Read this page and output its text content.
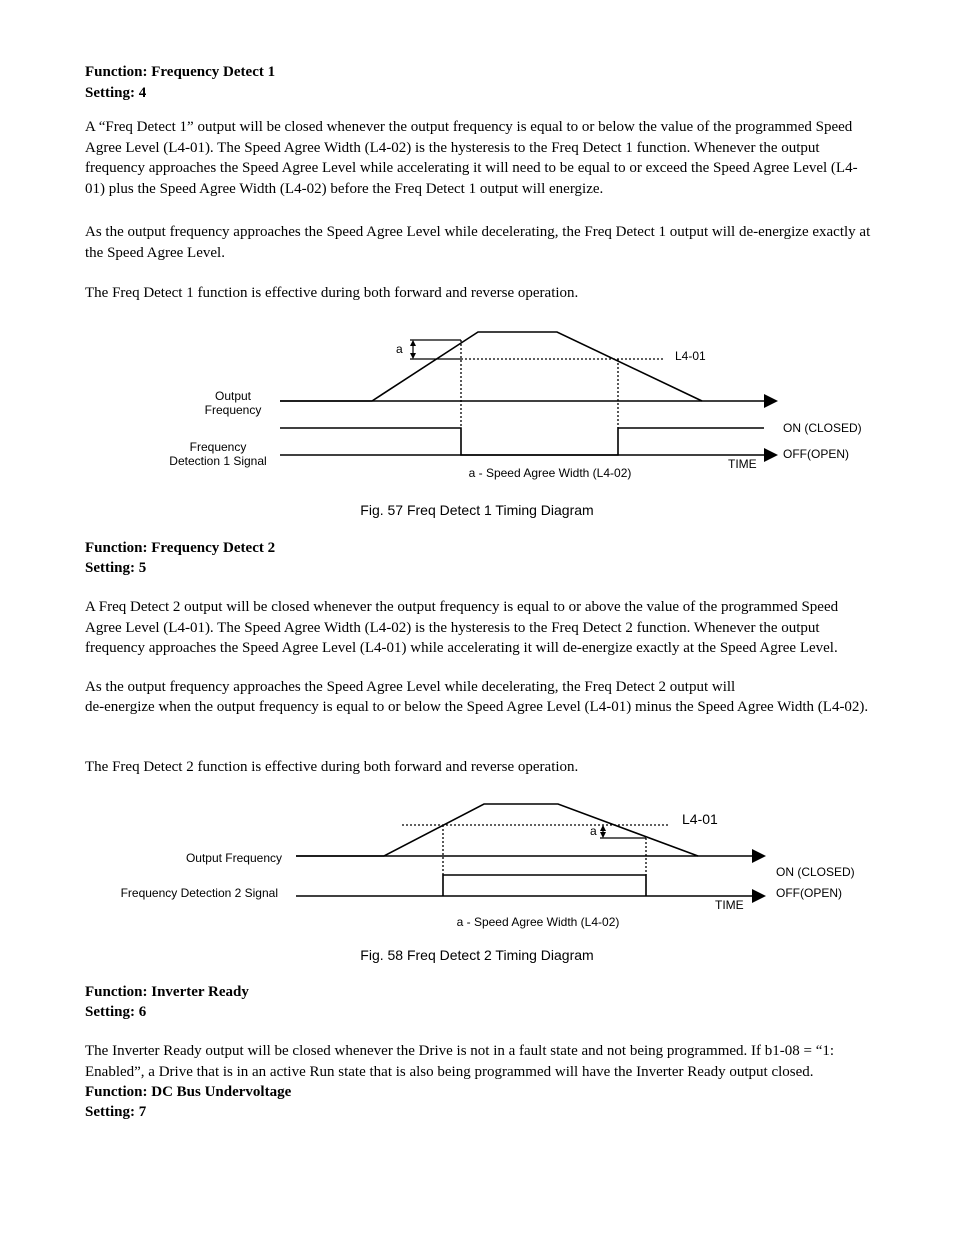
Function: Frequency Detect 1
Setting: 4

A “Freq Detect 1” output will be closed whenever the output frequency is equal to or below the value of the programmed Speed Agree Level (L4-01). The Speed Agree Width (L4-02) is the hysteresis to the Freq Detect 1 function. Whenever the output frequency approaches the Speed Agree Level while accelerating it will need to be equal to or exceed the Speed Agree Level (L4-01) plus the Speed Agree Width (L4-02) before the Freq Detect 1 output will energize.

As the output frequency approaches the Speed Agree Level while decelerating, the Freq Detect 1 output will de-energize exactly at the Speed Agree Level.

The Freq Detect 1 function is effective during both forward and reverse operation.

a	L4-01
Output
Frequency
Frequency
Detection 1 Signal
ON (CLOSED)
OFF(OPEN)
TIME
a - Speed Agree Width (L4-02)
Fig. 57 Freq Detect 1 Timing Diagram
Function: Frequency Detect 2
Setting: 5

A Freq Detect 2 output will be closed whenever the output frequency is equal to or above the value of the programmed Speed Agree Level (L4-01). The Speed Agree Width (L4-02) is the hysteresis to the Freq Detect 2 function. Whenever the output frequency approaches the Speed Agree Level (L4-01) while accelerating it will de-energize exactly at the Speed Agree Level.

As the output frequency approaches the Speed Agree Level while decelerating, the Freq Detect 2 output will

de-energize when the output frequency is equal to or below the Speed Agree Level (L4-01) minus the Speed Agree Width (L4-02).

The Freq Detect 2 function is effective during both forward and reverse operation.

a
L4-01
Output Frequency
Frequency Detection 2 Signal
ON (CLOSED)
OFF(OPEN)
TIME
a - Speed Agree Width (L4-02)
Fig. 58 Freq Detect 2 Timing Diagram
Function: Inverter Ready
Setting: 6

The Inverter Ready output will be closed whenever the Drive is not in a fault state and not being programmed. If b1-08 = “1: Enabled”, a Drive that is in an active Run state that is also being programmed will have the Inverter Ready output closed.

Function: DC Bus Undervoltage
Setting: 7
